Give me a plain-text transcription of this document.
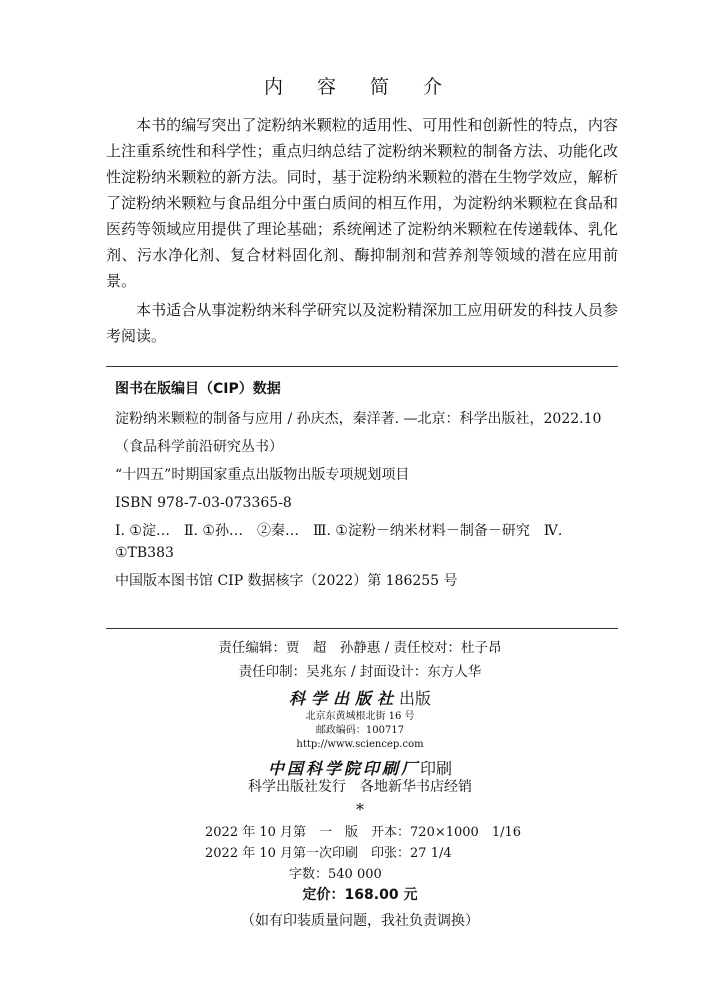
内 容 简 介

本书的编写突出了淀粉纳米颗粒的适用性、可用性和创新性的特点，内容上注重系统性和科学性；重点归纳总结了淀粉纳米颗粒的制备方法、功能化改性淀粉纳米颗粒的新方法。同时，基于淀粉纳米颗粒的潜在生物学效应，解析了淀粉纳米颗粒与食品组分中蛋白质间的相互作用，为淀粉纳米颗粒在食品和医药等领域应用提供了理论基础；系统阐述了淀粉纳米颗粒在传递载体、乳化剂、污水净化剂、复合材料固化剂、酶抑制剂和营养剂等领域的潜在应用前景。

本书适合从事淀粉纳米科学研究以及淀粉精深加工应用研发的科技人员参考阅读。

图书在版编目（CIP）数据
淀粉纳米颗粒的制备与应用 / 孙庆杰，秦洋著. —北京：科学出版社，2022.10
（食品科学前沿研究丛书）
“十四五”时期国家重点出版物出版专项规划项目
ISBN 978-7-03-073365-8
Ⅰ. ①淀…　Ⅱ. ①孙…　②秦…　Ⅲ. ①淀粉－纳米材料－制备－研究　Ⅳ. ①TB383
中国版本图书馆 CIP 数据核字（2022）第 186255 号
责任编辑：贾　超　孙静惠 / 责任校对：杜子昂
责任印制：吴兆东 / 封面设计：东方人华
科学出版社出版
北京东黄城根北街 16 号
邮政编码：100717
http://www.sciencep.com
中国科学院印刷厂印刷
科学出版社发行　各地新华书店经销
*
2022 年 10 月第　一　版　开本：720×1000　1/16
2022 年 10 月第一次印刷　印张：27 1/4
字数：540 000
定价：168.00 元
（如有印装质量问题，我社负责调换）
